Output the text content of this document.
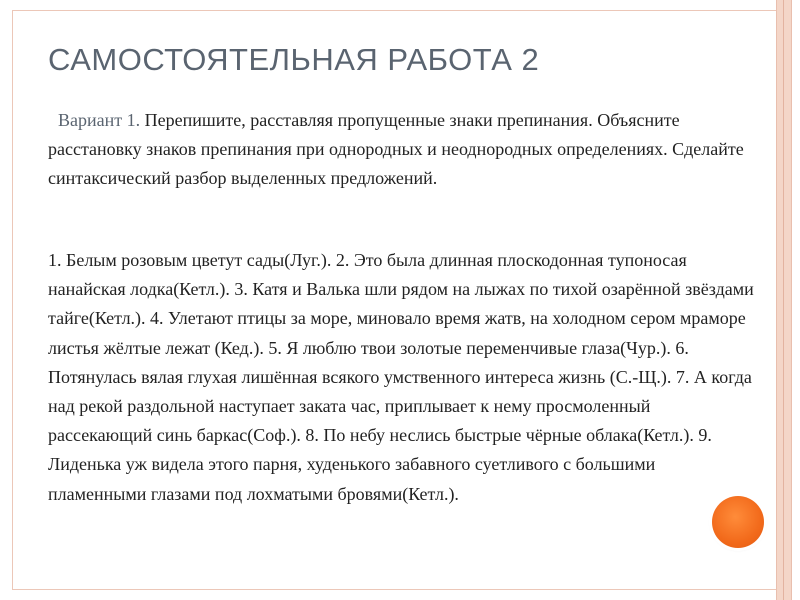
САМОСТОЯТЕЛЬНАЯ РАБОТА 2

Вариант 1. Перепишите, расставляя пропущенные знаки препинания. Объясните расстановку знаков препинания при однородных и неоднородных определениях. Сделайте синтаксический разбор выделенных предложений.

1. Белым розовым цветут сады(Луг.). 2. Это была длинная плоскодонная тупоносая нанайская лодка(Кетл.). 3. Катя и Валька шли рядом на лыжах по тихой озарённой звёздами тайге(Кетл.). 4. Улетают птицы за море, миновало время жатв, на холодном сером мраморе листья жёлтые лежат (Кед.). 5. Я люблю твои золотые переменчивые глаза(Чур.). 6. Потянулась вялая глухая лишённая всякого умственного интереса жизнь (С.-Щ.). 7. А когда над рекой раздольной наступает заката час, приплывает к нему просмоленный рассекающий синь баркас(Соф.). 8. По небу неслись быстрые чёрные облака(Кетл.). 9. Лиденька уж видела этого парня, худенького забавного суетливого с большими пламенными глазами под лохматыми бровями(Кетл.).
